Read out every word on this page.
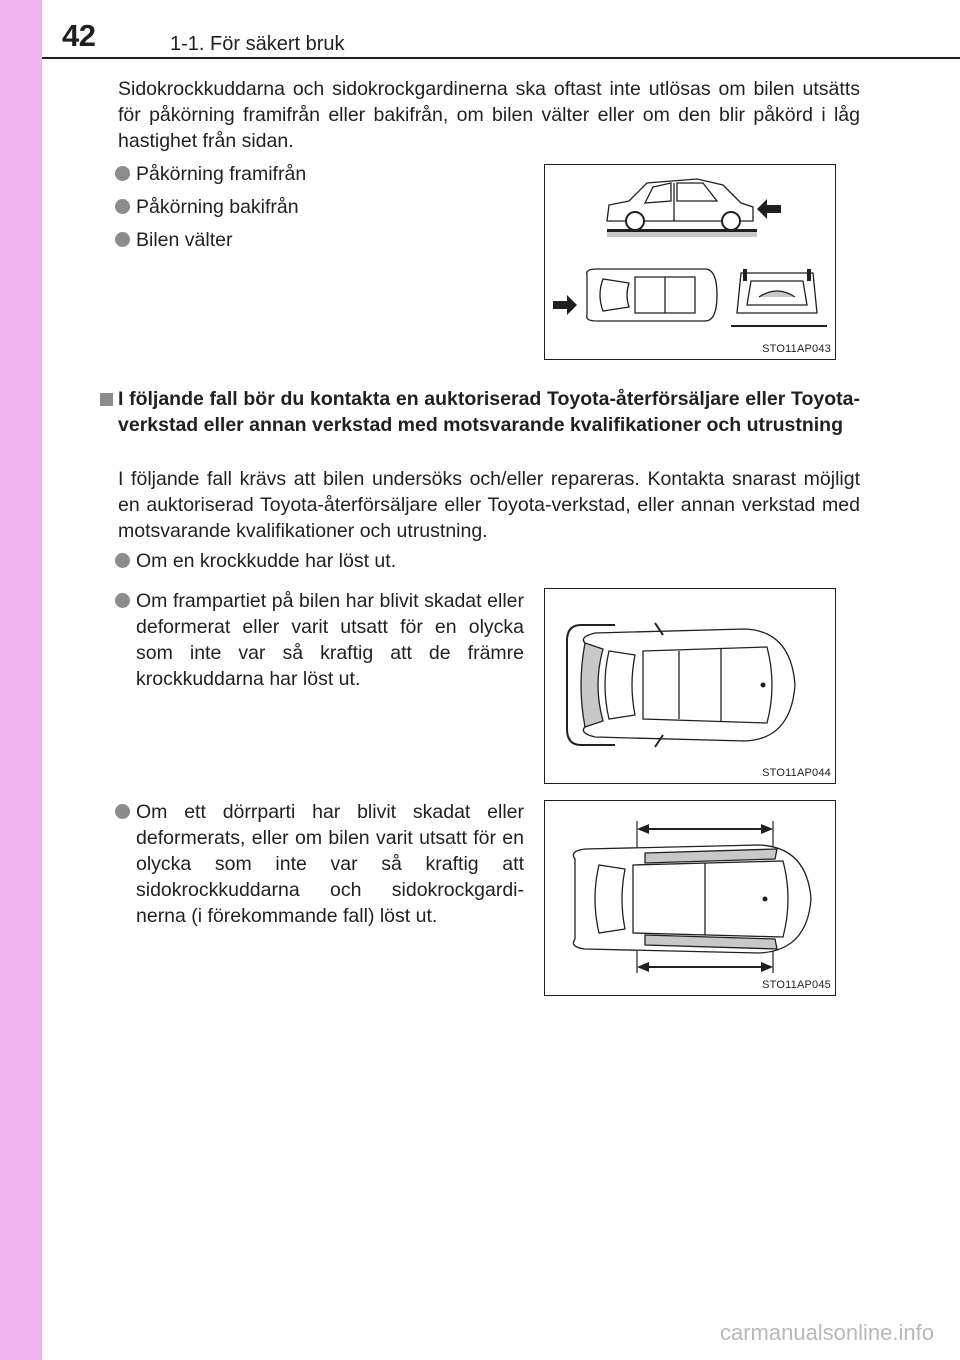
42	1-1. För säkert bruk
Sidokrockkuddarna och sidokrockgardinerna ska oftast inte utlösas om bilen utsätts för påkörning framifrån eller bakifrån, om bilen välter eller om den blir påkörd i låg hastighet från sidan.
Påkörning framifrån
Påkörning bakifrån
Bilen välter
STO11AP043
I följande fall bör du kontakta en auktoriserad Toyota-återförsäljare eller Toyota-verkstad eller annan verkstad med motsvarande kvalifikationer och utrustning
I följande fall krävs att bilen undersöks och/eller repareras. Kontakta snarast möjligt en auktoriserad Toyota-återförsäljare eller Toyota-verkstad, eller annan verkstad med motsvarande kvalifikationer och utrustning.
Om en krockkudde har löst ut.
Om frampartiet på bilen har blivit skadat eller deformerat eller varit utsatt för en olycka som inte var så kraftig att de främre krockkuddarna har löst ut.
Om ett dörrparti har blivit skadat eller deformerats, eller om bilen varit utsatt för en olycka som inte var så kraftig att sidokrockkuddarna och sidokrockgardi-nerna (i förekommande fall) löst ut.
STO11AP044
STO11AP045
carmanualsonline.info
